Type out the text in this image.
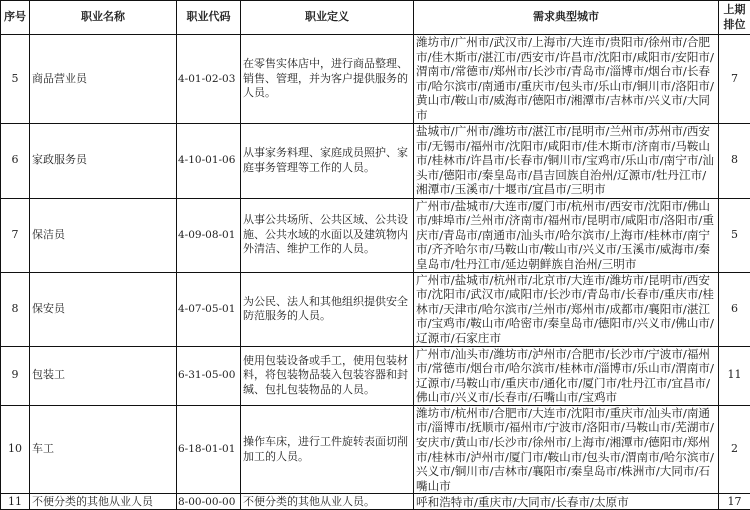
序号	职业名称	职业代码	职业定义	需求典型城市	上期排位
5	商品营业员	4-01-02-03	在零售实体店中，进行商品整理、销售、管理，并为客户提供服务的人员。	潍坊市/广州市/武汉市/上海市/大连市/贵阳市/徐州市/合肥市/佳木斯市/湛江市/西安市/许昌市/沈阳市/咸阳市/安阳市/渭南市/常德市/郑州市/长沙市/青岛市/淄博市/烟台市/长春市/哈尔滨市/南通市/重庆市/包头市/乐山市/铜川市/洛阳市/黄山市/鞍山市/威海市/德阳市/湘潭市/吉林市/兴义市/大同市	7
6	家政服务员	4-10-01-06	从事家务料理、家庭成员照护、家庭事务管理等工作的人员。	盐城市/广州市/潍坊市/湛江市/昆明市/兰州市/苏州市/西安市/无锡市/福州市/沈阳市/咸阳市/佳木斯市/济南市/马鞍山市/桂林市/许昌市/长春市/铜川市/宝鸡市/乐山市/南宁市/汕头市/德阳市/秦皇岛市/昌吉回族自治州/辽源市/牡丹江市/湘潭市/玉溪市/十堰市/宜昌市/三明市	8
7	保洁员	4-09-08-01	从事公共场所、公共区域、公共设施、公共水域的水面以及建筑物内外清洁、维护工作的人员。	广州市/盐城市/大连市/厦门市/杭州市/西安市/沈阳市/佛山市/蚌埠市/兰州市/济南市/福州市/昆明市/咸阳市/洛阳市/重庆市/青岛市/南通市/汕头市/哈尔滨市/上海市/桂林市/南宁市/齐齐哈尔市/马鞍山市/鞍山市/兴义市/玉溪市/威海市/秦皇岛市/牡丹江市/延边朝鲜族自治州/三明市	5
8	保安员	4-07-05-01	为公民、法人和其他组织提供安全防范服务的人员。	广州市/盐城市/杭州市/北京市/大连市/潍坊市/昆明市/西安市/沈阳市/武汉市/咸阳市/长沙市/青岛市/长春市/重庆市/桂林市/天津市/哈尔滨市/兰州市/郑州市/成都市/襄阳市/湛江市/宝鸡市/鞍山市/哈密市/秦皇岛市/德阳市/兴义市/佛山市/辽源市/石家庄市	6
9	包装工	6-31-05-00	使用包装设备或手工，使用包装材料，将包装物品装入包装容器和封缄、包扎包装物品的人员。	广州市/汕头市/潍坊市/泸州市/合肥市/长沙市/宁波市/福州市/常德市/烟台市/哈尔滨市/桂林市/淄博市/乐山市/渭南市/辽源市/马鞍山市/重庆市/通化市/厦门市/牡丹江市/宜昌市/佛山市/兴义市/长春市/石嘴山市/宝鸡市	11
10	车工	6-18-01-01	操作车床，进行工件旋转表面切削加工的人员。	潍坊市/杭州市/合肥市/大连市/沈阳市/重庆市/汕头市/南通市/淄博市/抚顺市/福州市/宁波市/洛阳市/马鞍山市/芜湖市/安庆市/黄山市/长沙市/徐州市/上海市/湘潭市/德阳市/郑州市/桂林市/泸州市/厦门市/鞍山市/包头市/渭南市/哈尔滨市/兴义市/铜川市/吉林市/襄阳市/秦皇岛市/株洲市/大同市/石嘴山市	2
11	不便分类的其他从业人员	8-00-00-00	不便分类的其他从业人员。	呼和浩特市/重庆市/大同市/长春市/太原市	17
